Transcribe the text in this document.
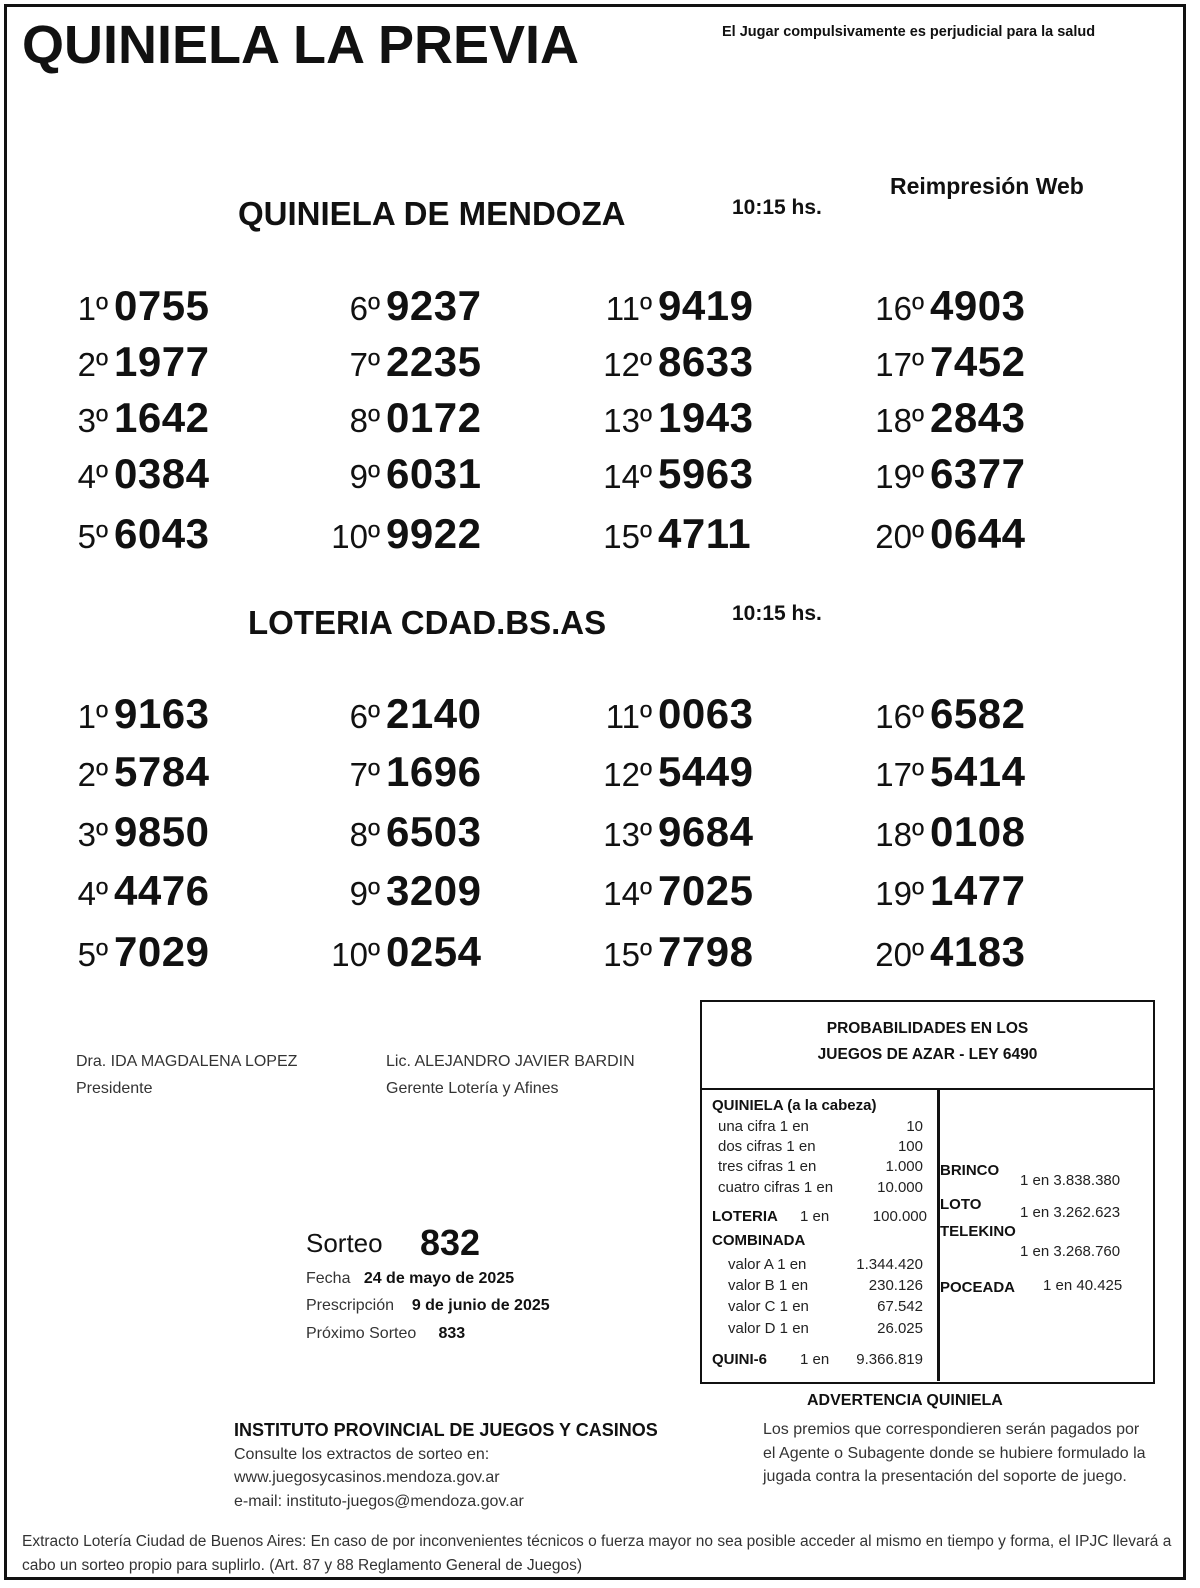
QUINIELA LA PREVIA	El Jugar compulsivamente es perjudicial para la salud
Reimpresión Web
QUINIELA DE MENDOZA	10:15 hs.
1º 0755
2º 1977
3º 1642
4º 0384
5º 6043
6º 9237
7º 2235
8º 0172
9º 6031
10º 9922
11º 9419
12º 8633
13º 1943
14º 5963
15º 4711
16º 4903
17º 7452
18º 2843
19º 6377
20º 0644
LOTERIA CDAD.BS.AS	10:15 hs.
1º 9163
2º 5784
3º 9850
4º 4476
5º 7029
6º 2140
7º 1696
8º 6503
9º 3209
10º 0254
11º 0063
12º 5449
13º 9684
14º 7025
15º 7798
16º 6582
17º 5414
18º 0108
19º 1477
20º 4183
Dra. IDA MAGDALENA LOPEZ
Presidente
Lic. ALEJANDRO JAVIER BARDIN
Gerente Lotería y Afines
Sorteo 832
Fecha 24 de mayo de 2025
Prescripción 9 de junio de 2025
Próximo Sorteo 833
PROBABILIDADES EN LOS
JUEGOS DE AZAR - LEY 6490
QUINIELA (a la cabeza)
una cifra 1 en	10
dos cifras 1 en	100
tres cifras 1 en	1.000
cuatro cifras 1 en	10.000
LOTERIA 1 en	100.000
COMBINADA
valor A 1 en	1.344.420
valor B 1 en	230.126
valor C 1 en	67.542
valor D 1 en	26.025
QUINI-6 1 en 9.366.819
BRINCO
1 en 3.838.380
LOTO	1 en 3.262.623
TELEKINO
1 en 3.268.760
POCEADA 1 en 40.425
ADVERTENCIA QUINIELA
Los premios que correspondieren serán pagados por el Agente o Subagente donde se hubiere formulado la jugada contra la presentación del soporte de juego.
INSTITUTO PROVINCIAL DE JUEGOS Y CASINOS
Consulte los extractos de sorteo en:
www.juegosycasinos.mendoza.gov.ar
e-mail: instituto-juegos@mendoza.gov.ar
Extracto Lotería Ciudad de Buenos Aires: En caso de por inconvenientes técnicos o fuerza mayor no sea posible acceder al mismo en tiempo y forma, el IPJC llevará a cabo un sorteo propio para suplirlo. (Art. 87 y 88 Reglamento General de Juegos)
